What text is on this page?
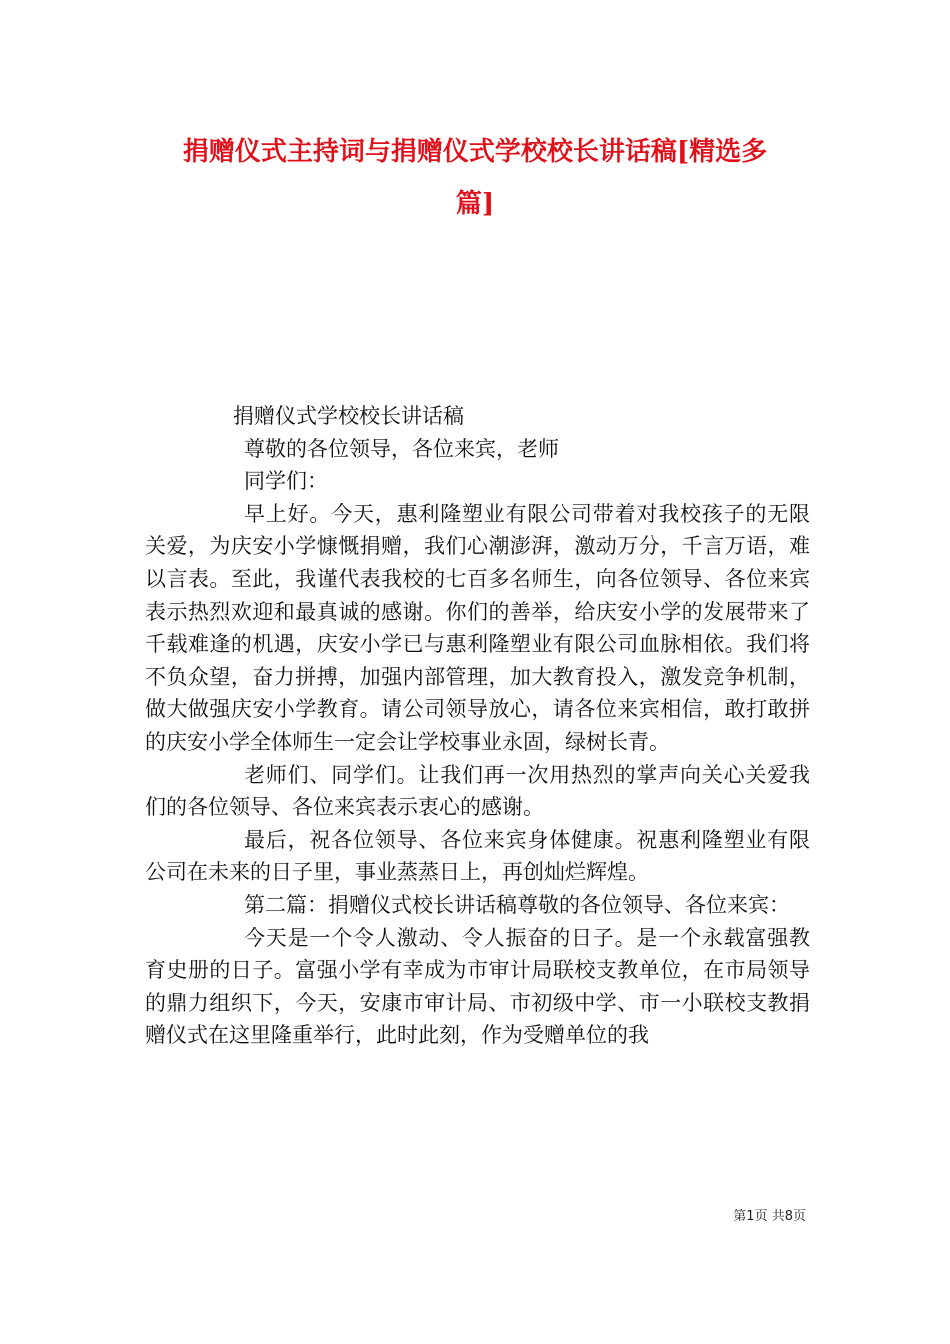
捐赠仪式主持词与捐赠仪式学校校长讲话稿[精选多
篇]

捐赠仪式学校校长讲话稿

尊敬的各位领导，各位来宾，老师

同学们：

早上好。今天，惠利隆塑业有限公司带着对我校孩子的无限关爱，为庆安小学慷慨捐赠，我们心潮澎湃，激动万分，千言万语，难以言表。至此，我谨代表我校的七百多名师生，向各位领导、各位来宾表示热烈欢迎和最真诚的感谢。你们的善举，给庆安小学的发展带来了千载难逢的机遇，庆安小学已与惠利隆塑业有限公司血脉相依。我们将不负众望，奋力拼搏，加强内部管理，加大教育投入，激发竞争机制，做大做强庆安小学教育。请公司领导放心，请各位来宾相信，敢打敢拼的庆安小学全体师生一定会让学校事业永固，绿树长青。

老师们、同学们。让我们再一次用热烈的掌声向关心关爱我们的各位领导、各位来宾表示衷心的感谢。

最后，祝各位领导、各位来宾身体健康。祝惠利隆塑业有限公司在未来的日子里，事业蒸蒸日上，再创灿烂辉煌。

第二篇：捐赠仪式校长讲话稿尊敬的各位领导、各位来宾：

今天是一个令人激动、令人振奋的日子。是一个永载富强教育史册的日子。富强小学有幸成为市审计局联校支教单位，在市局领导的鼎力组织下，今天，安康市审计局、市初级中学、市一小联校支教捐赠仪式在这里隆重举行，此时此刻，作为受赠单位的我

第1页 共8页
